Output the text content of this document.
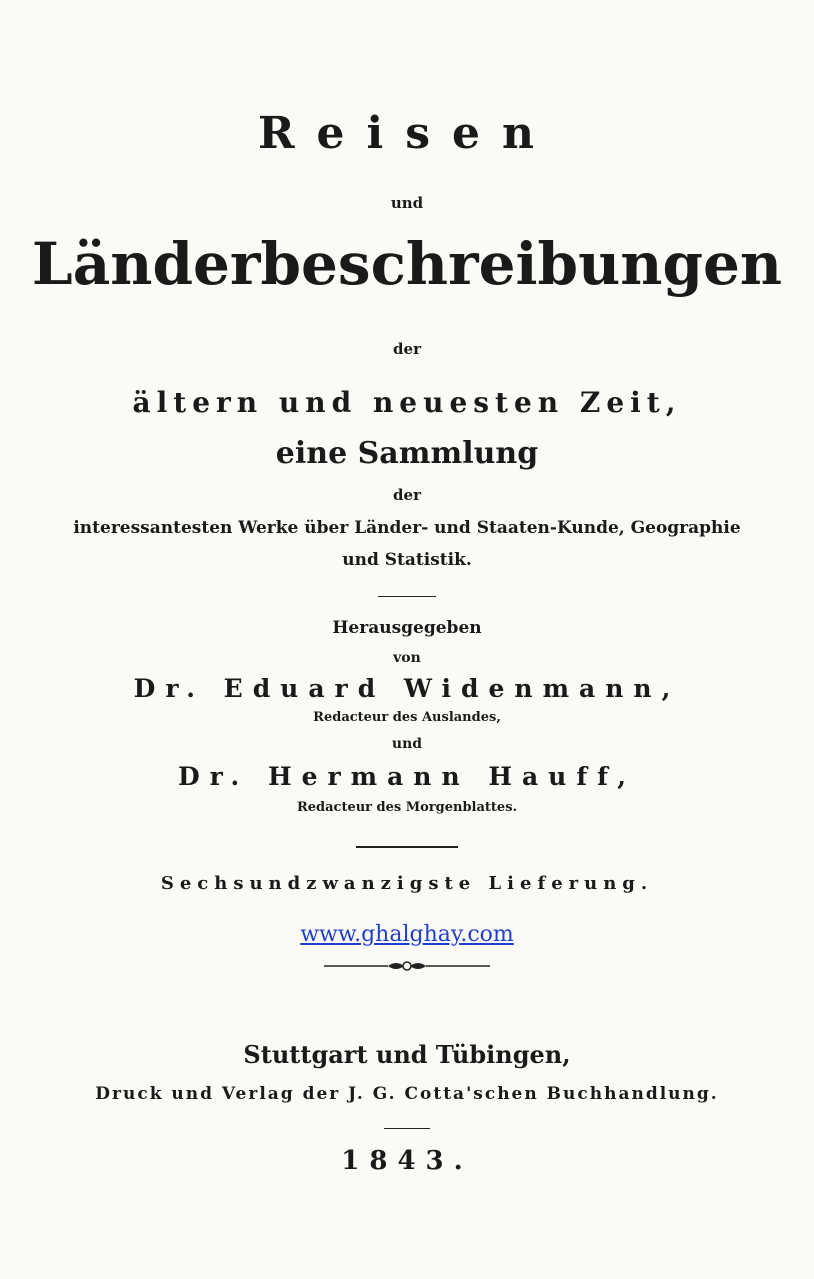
Reisen
und
Länderbeschreibungen
der
ältern und neuesten Zeit,
eine Sammlung
der
interessantesten Werke über Länder- und Staaten-Kunde, Geographie
und Statistik.
Herausgegeben
von
Dr. Eduard Widenmann,
Redacteur des Auslandes,
und
Dr. Hermann Hauff,
Redacteur des Morgenblattes.
Sechsundzwanzigste Lieferung.
www.ghalghay.com
Stuttgart und Tübingen,
Druck und Verlag der J. G. Cotta'schen Buchhandlung.
1843.
